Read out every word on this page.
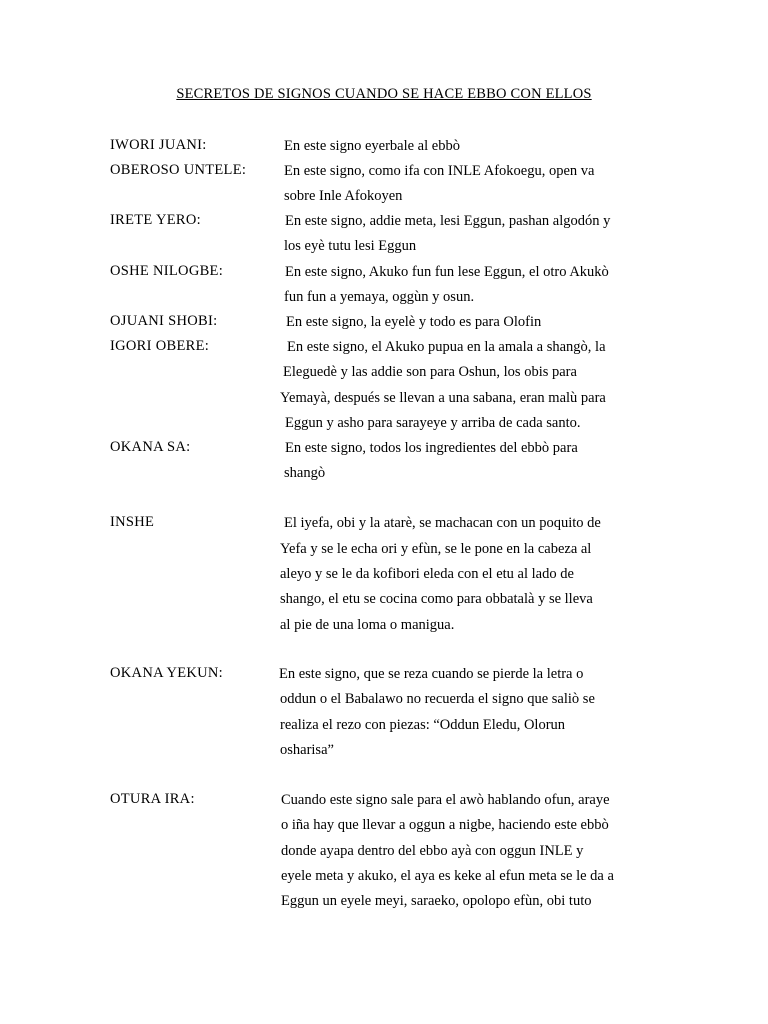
SECRETOS DE SIGNOS CUANDO SE HACE EBBO CON ELLOS
IWORI JUANI:	En este signo eyerbale al ebbò
OBEROSO UNTELE:	En este signo, como ifa con INLE Afokoegu, open va
sobre Inle Afokoyen
IRETE YERO:	En este signo, addie meta, lesi Eggun, pashan algodón y
los eyè tutu lesi Eggun
OSHE NILOGBE:	En este signo, Akuko fun fun lese Eggun, el otro Akukò
fun fun a yemaya, oggùn y osun.
OJUANI SHOBI:	En este signo, la eyelè y todo es para Olofin
IGORI OBERE:	En este signo, el Akuko pupua en la amala a shangò, la
Eleguedè y las addie son para Oshun, los obis para
Yemayà, después se llevan a una sabana, eran malù para
Eggun y asho para sarayeye y arriba de cada santo.
OKANA SA:	En este signo, todos los ingredientes del ebbò para
shangò
INSHE	El iyefa, obi y la atarè, se machacan con un poquito de
Yefa y se le echa ori y efùn, se le pone en la cabeza al
aleyo y se le da kofibori eleda con el etu al lado de
shango, el etu se cocina como para obbatalà y se lleva
al pie de una loma o manigua.
OKANA YEKUN:	En este signo, que se reza cuando se pierde la letra o
oddun o el Babalawo no recuerda el signo que saliò se
realiza el rezo con piezas: “Oddun Eledu, Olorun
osharisa”
OTURA IRA:	Cuando este signo sale para el awò hablando ofun, araye
o iña hay que llevar a oggun a nigbe, haciendo este ebbò
donde ayapa dentro del ebbo ayà con oggun INLE y
eyele meta y akuko, el aya es keke al efun meta se le da a
Eggun un eyele meyi, saraeko, opolopo efùn, obi tuto
